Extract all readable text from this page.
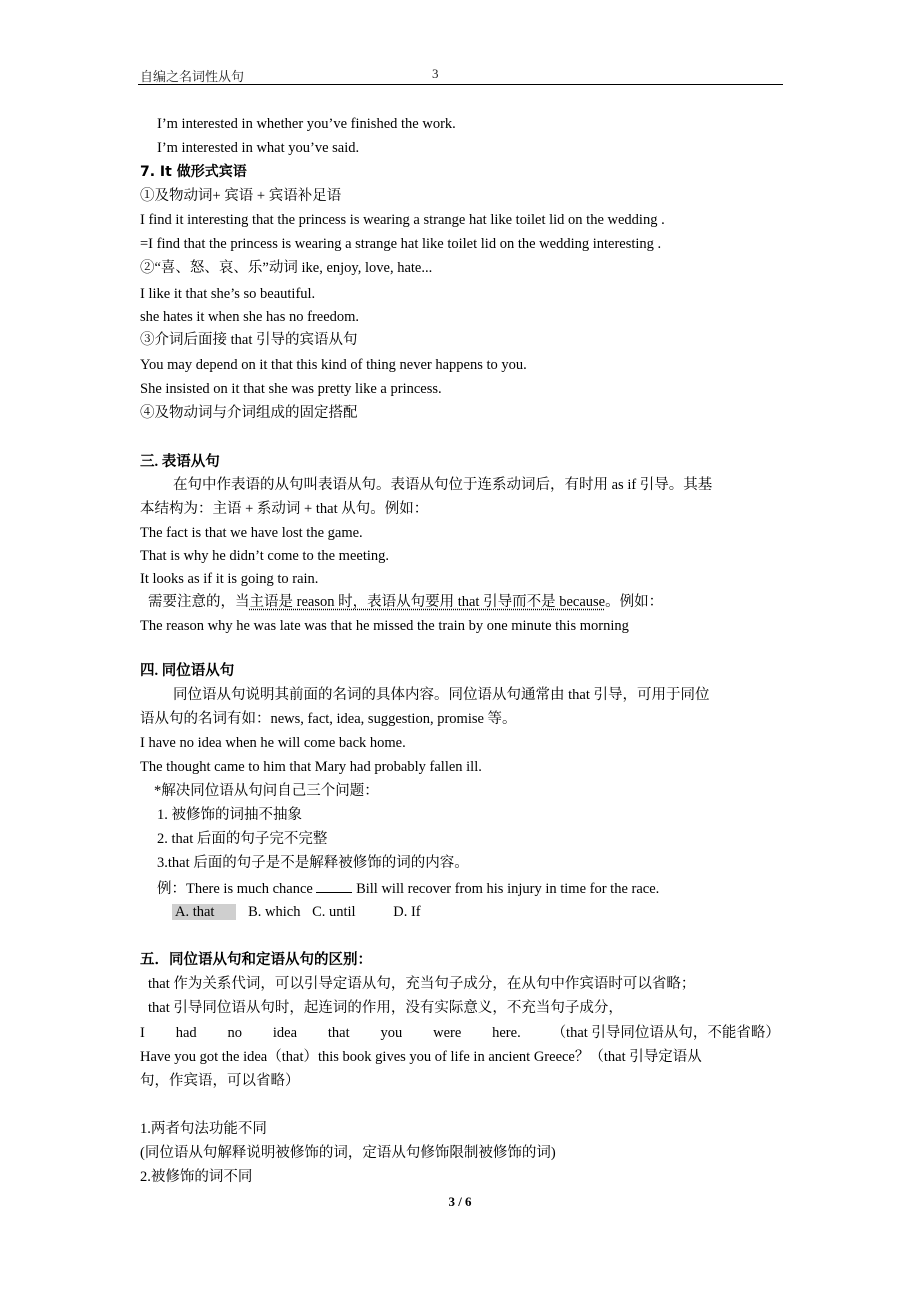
自编之名词性从句	3
I’m interested in whether you’ve finished the work.
I’m interested in what you’ve said.
7. It 做形式宾语
①及物动词+ 宾语 + 宾语补足语
I find it interesting that the princess is wearing a strange hat like toilet lid on the wedding .
=I find that the princess is wearing a strange hat like toilet lid on the wedding interesting .
②“喜、怒、哀、乐”动词 ike, enjoy, love, hate...
I like it that she’s so beautiful.
she hates it when she has no freedom.
③介词后面接 that 引导的宾语从句
You may depend on it that this kind of thing never happens to you.
She insisted on it that she was pretty like a princess.
④及物动词与介词组成的固定搭配
三. 表语从句
在句中作表语的从句叫表语从句。表语从句位于连系动词后，有时用 as if 引导。其基
本结构为：主语 + 系动词 + that 从句。例如：
The fact is that we have lost the game.
That is why he didn’t come to the meeting.
It looks as if it is going to rain.
需要注意的，当主语是 reason 时，表语从句要用 that 引导而不是 because。例如：
The reason why he was late was that he missed the train by one minute this morning
四. 同位语从句
同位语从句说明其前面的名词的具体内容。同位语从句通常由 that 引导，可用于同位
语从句的名词有如：news, fact, idea, suggestion, promise 等。
I have no idea when he will come back home.
The thought came to him that Mary had probably fallen ill.
*解决同位语从句问自己三个问题：
1. 被修饰的词抽不抽象
2. that 后面的句子完不完整
3.that 后面的句子是不是解释被修饰的词的内容。
例：There is much chance	Bill will recover from his injury in time for the race.
A. that B. which C. until	D. If
五．同位语从句和定语从句的区别：
that 作为关系代词，可以引导定语从句，充当句子成分，在从句中作宾语时可以省略；
that 引导同位语从句时，起连词的作用，没有实际意义，不充当句子成分，
I had no idea that you were here. （that 引导同位语从句，不能省略）
Have you got the idea（that）this book gives you of life in ancient Greece？（that 引导定语从
句，作宾语，可以省略）
1.两者句法功能不同
(同位语从句解释说明被修饰的词，定语从句修饰限制被修饰的词)
2.被修饰的词不同
3 / 6
